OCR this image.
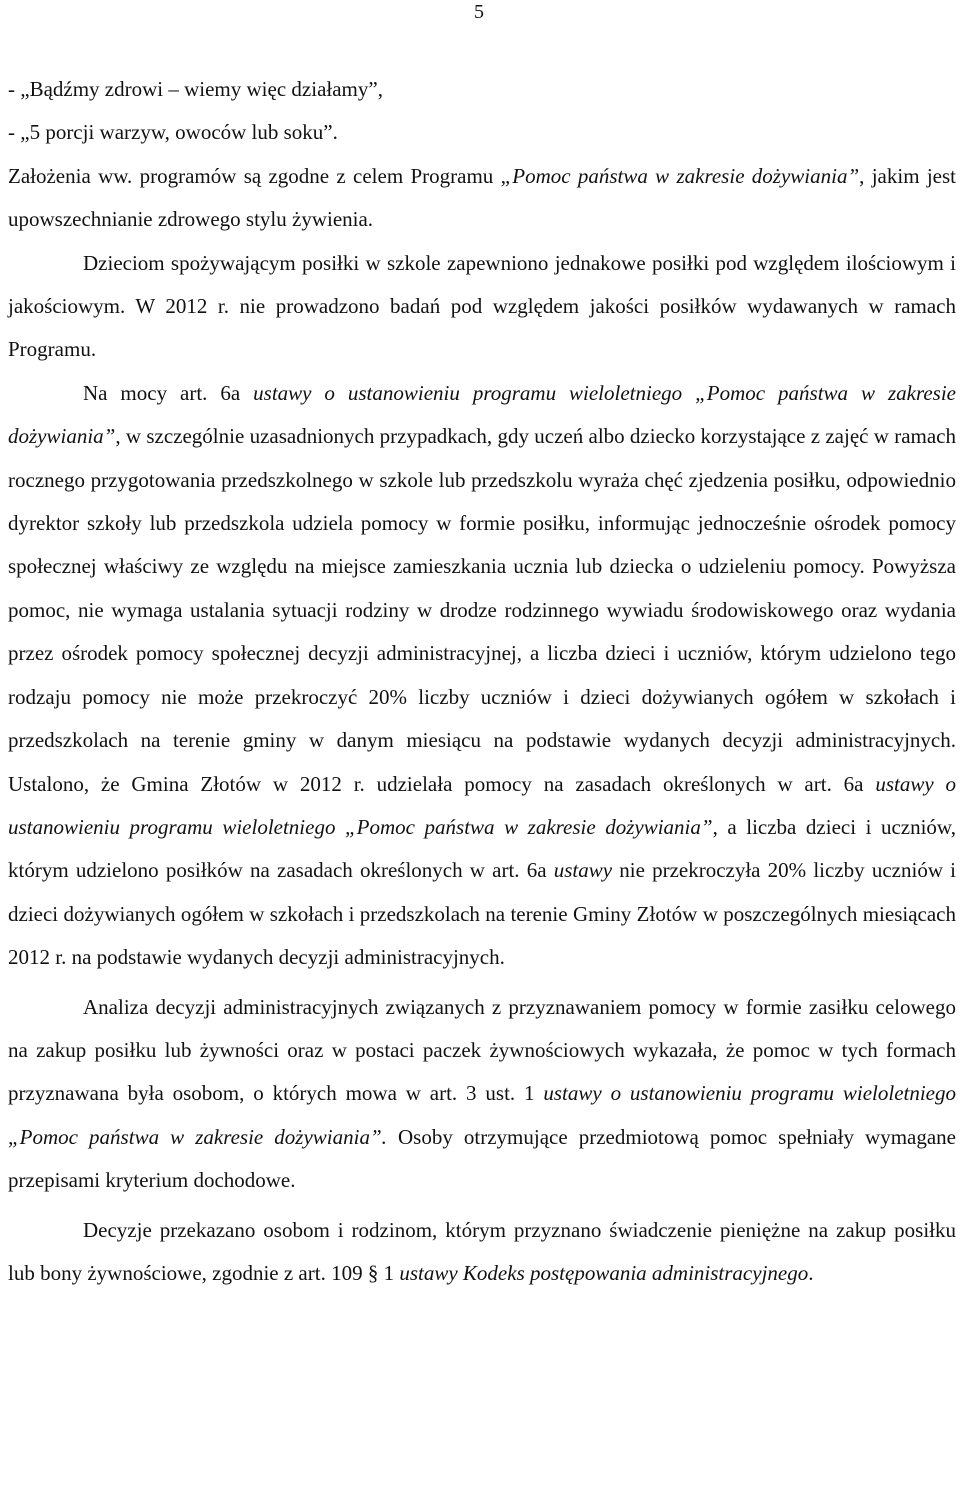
5

- „Bądźmy zdrowi – wiemy więc działamy”,

- „5 porcji warzyw, owoców lub soku”.

Założenia ww. programów są zgodne z celem Programu „Pomoc państwa w zakresie dożywiania”, jakim jest upowszechnianie zdrowego stylu żywienia.

Dzieciom spożywającym posiłki w szkole zapewniono jednakowe posiłki pod względem ilościowym i jakościowym. W 2012 r. nie prowadzono badań pod względem jakości posiłków wydawanych w ramach Programu.

Na mocy art. 6a ustawy o ustanowieniu programu wieloletniego „Pomoc państwa w zakresie dożywiania”, w szczególnie uzasadnionych przypadkach, gdy uczeń albo dziecko korzystające z zajęć w ramach rocznego przygotowania przedszkolnego w szkole lub przedszkolu wyraża chęć zjedzenia posiłku, odpowiednio dyrektor szkoły lub przedszkola udziela pomocy w formie posiłku, informując jednocześnie ośrodek pomocy społecznej właściwy ze względu na miejsce zamieszkania ucznia lub dziecka o udzieleniu pomocy. Powyższa pomoc, nie wymaga ustalania sytuacji rodziny w drodze rodzinnego wywiadu środowiskowego oraz wydania przez ośrodek pomocy społecznej decyzji administracyjnej, a liczba dzieci i uczniów, którym udzielono tego rodzaju pomocy nie może przekroczyć 20% liczby uczniów i dzieci dożywianych ogółem w szkołach i przedszkolach na terenie gminy w danym miesiącu na podstawie wydanych decyzji administracyjnych. Ustalono, że Gmina Złotów w 2012 r. udzielała pomocy na zasadach określonych w art. 6a ustawy o ustanowieniu programu wieloletniego „Pomoc państwa w zakresie dożywiania”, a liczba dzieci i uczniów, którym udzielono posiłków na zasadach określonych w art. 6a ustawy nie przekroczyła 20% liczby uczniów i dzieci dożywianych ogółem w szkołach i przedszkolach na terenie Gminy Złotów w poszczególnych miesiącach 2012 r. na podstawie wydanych decyzji administracyjnych.

Analiza decyzji administracyjnych związanych z przyznawaniem pomocy w formie zasiłku celowego na zakup posiłku lub żywności oraz w postaci paczek żywnościowych wykazała, że pomoc w tych formach przyznawana była osobom, o których mowa w art. 3 ust. 1 ustawy o ustanowieniu programu wieloletniego „Pomoc państwa w zakresie dożywiania”. Osoby otrzymujące przedmiotową pomoc spełniały wymagane przepisami kryterium dochodowe.

Decyzje przekazano osobom i rodzinom, którym przyznano świadczenie pieniężne na zakup posiłku lub bony żywnościowe, zgodnie z art. 109 § 1 ustawy Kodeks postępowania administracyjnego.
